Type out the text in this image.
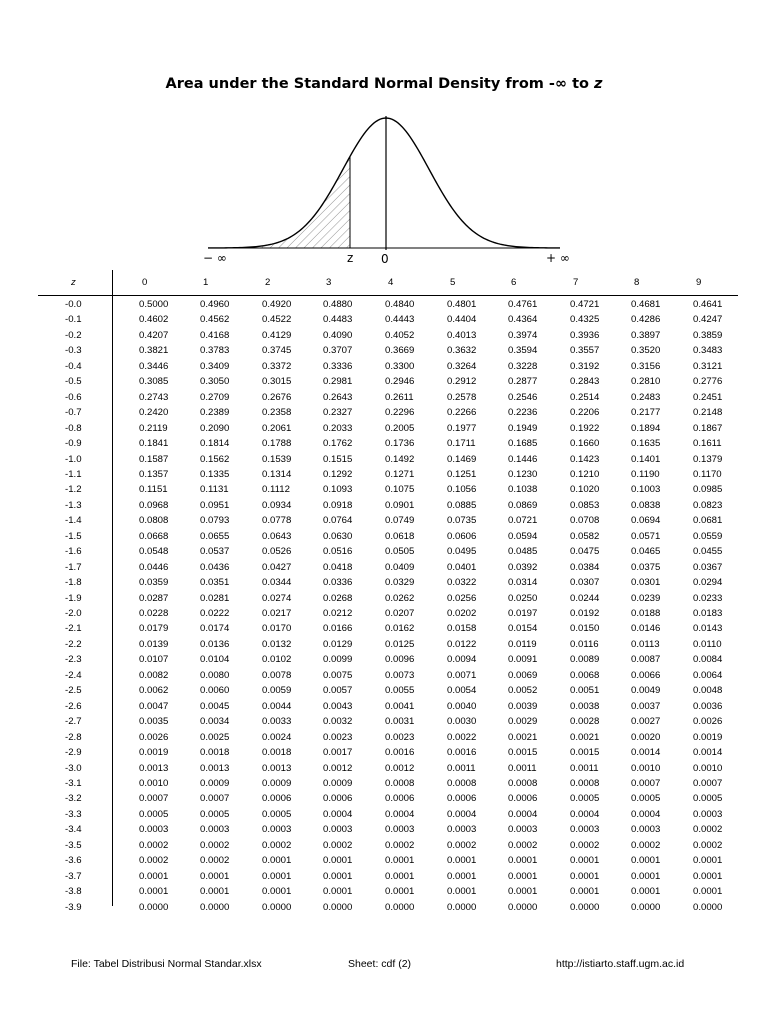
Area under the Standard Normal Density from -∞ to z
− ∞	z 0	+ ∞
z	0	1	2	3	4	5	6	7	8	9
-0.0	0.5000	0.4960	0.4920	0.4880	0.4840	0.4801	0.4761	0.4721	0.4681	0.4641
-0.1	0.4602	0.4562	0.4522	0.4483	0.4443	0.4404	0.4364	0.4325	0.4286	0.4247
-0.2	0.4207	0.4168	0.4129	0.4090	0.4052	0.4013	0.3974	0.3936	0.3897	0.3859
-0.3	0.3821	0.3783	0.3745	0.3707	0.3669	0.3632	0.3594	0.3557	0.3520	0.3483
-0.4	0.3446	0.3409	0.3372	0.3336	0.3300	0.3264	0.3228	0.3192	0.3156	0.3121
-0.5	0.3085	0.3050	0.3015	0.2981	0.2946	0.2912	0.2877	0.2843	0.2810	0.2776
-0.6	0.2743	0.2709	0.2676	0.2643	0.2611	0.2578	0.2546	0.2514	0.2483	0.2451
-0.7	0.2420	0.2389	0.2358	0.2327	0.2296	0.2266	0.2236	0.2206	0.2177	0.2148
-0.8	0.2119	0.2090	0.2061	0.2033	0.2005	0.1977	0.1949	0.1922	0.1894	0.1867
-0.9	0.1841	0.1814	0.1788	0.1762	0.1736	0.1711	0.1685	0.1660	0.1635	0.1611
-1.0	0.1587	0.1562	0.1539	0.1515	0.1492	0.1469	0.1446	0.1423	0.1401	0.1379
-1.1	0.1357	0.1335	0.1314	0.1292	0.1271	0.1251	0.1230	0.1210	0.1190	0.1170
-1.2	0.1151	0.1131	0.1112	0.1093	0.1075	0.1056	0.1038	0.1020	0.1003	0.0985
-1.3	0.0968	0.0951	0.0934	0.0918	0.0901	0.0885	0.0869	0.0853	0.0838	0.0823
-1.4	0.0808	0.0793	0.0778	0.0764	0.0749	0.0735	0.0721	0.0708	0.0694	0.0681
-1.5	0.0668	0.0655	0.0643	0.0630	0.0618	0.0606	0.0594	0.0582	0.0571	0.0559
-1.6	0.0548	0.0537	0.0526	0.0516	0.0505	0.0495	0.0485	0.0475	0.0465	0.0455
-1.7	0.0446	0.0436	0.0427	0.0418	0.0409	0.0401	0.0392	0.0384	0.0375	0.0367
-1.8	0.0359	0.0351	0.0344	0.0336	0.0329	0.0322	0.0314	0.0307	0.0301	0.0294
-1.9	0.0287	0.0281	0.0274	0.0268	0.0262	0.0256	0.0250	0.0244	0.0239	0.0233
-2.0	0.0228	0.0222	0.0217	0.0212	0.0207	0.0202	0.0197	0.0192	0.0188	0.0183
-2.1	0.0179	0.0174	0.0170	0.0166	0.0162	0.0158	0.0154	0.0150	0.0146	0.0143
-2.2	0.0139	0.0136	0.0132	0.0129	0.0125	0.0122	0.0119	0.0116	0.0113	0.0110
-2.3	0.0107	0.0104	0.0102	0.0099	0.0096	0.0094	0.0091	0.0089	0.0087	0.0084
-2.4	0.0082	0.0080	0.0078	0.0075	0.0073	0.0071	0.0069	0.0068	0.0066	0.0064
-2.5	0.0062	0.0060	0.0059	0.0057	0.0055	0.0054	0.0052	0.0051	0.0049	0.0048
-2.6	0.0047	0.0045	0.0044	0.0043	0.0041	0.0040	0.0039	0.0038	0.0037	0.0036
-2.7	0.0035	0.0034	0.0033	0.0032	0.0031	0.0030	0.0029	0.0028	0.0027	0.0026
-2.8	0.0026	0.0025	0.0024	0.0023	0.0023	0.0022	0.0021	0.0021	0.0020	0.0019
-2.9	0.0019	0.0018	0.0018	0.0017	0.0016	0.0016	0.0015	0.0015	0.0014	0.0014
-3.0	0.0013	0.0013	0.0013	0.0012	0.0012	0.0011	0.0011	0.0011	0.0010	0.0010
-3.1	0.0010	0.0009	0.0009	0.0009	0.0008	0.0008	0.0008	0.0008	0.0007	0.0007
-3.2	0.0007	0.0007	0.0006	0.0006	0.0006	0.0006	0.0006	0.0005	0.0005	0.0005
-3.3	0.0005	0.0005	0.0005	0.0004	0.0004	0.0004	0.0004	0.0004	0.0004	0.0003
-3.4	0.0003	0.0003	0.0003	0.0003	0.0003	0.0003	0.0003	0.0003	0.0003	0.0002
-3.5	0.0002	0.0002	0.0002	0.0002	0.0002	0.0002	0.0002	0.0002	0.0002	0.0002
-3.6	0.0002	0.0002	0.0001	0.0001	0.0001	0.0001	0.0001	0.0001	0.0001	0.0001
-3.7	0.0001	0.0001	0.0001	0.0001	0.0001	0.0001	0.0001	0.0001	0.0001	0.0001
-3.8	0.0001	0.0001	0.0001	0.0001	0.0001	0.0001	0.0001	0.0001	0.0001	0.0001
-3.9	0.0000	0.0000	0.0000	0.0000	0.0000	0.0000	0.0000	0.0000	0.0000	0.0000
File: Tabel Distribusi Normal Standar.xlsx	Sheet: cdf (2)	http://istiarto.staff.ugm.ac.id
